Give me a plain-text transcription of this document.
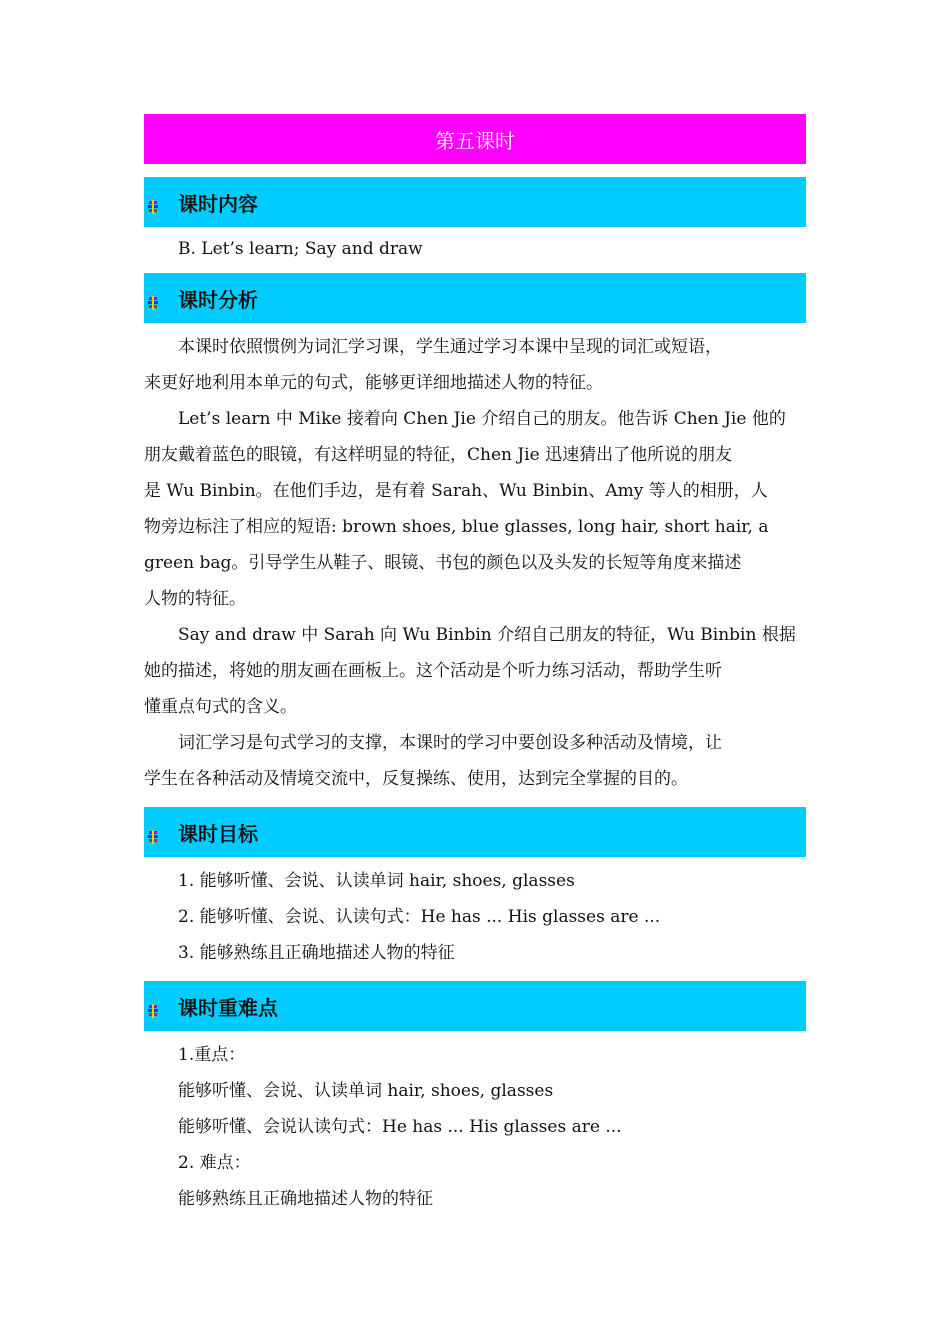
第五课时
课时内容

B. Let’s learn; Say and draw

课时分析

本课时依照惯例为词汇学习课，学生通过学习本课中呈现的词汇或短语，

来更好地利用本单元的句式，能够更详细地描述人物的特征。

Let’s learn 中 Mike 接着向 Chen Jie 介绍自己的朋友。他告诉 Chen Jie 他的

朋友戴着蓝色的眼镜，有这样明显的特征，Chen Jie 迅速猜出了他所说的朋友

是 Wu Binbin。在他们手边，是有着 Sarah、Wu Binbin、Amy 等人的相册，人

物旁边标注了相应的短语: brown shoes, blue glasses, long hair, short hair, a

green bag。引导学生从鞋子、眼镜、书包的颜色以及头发的长短等角度来描述

人物的特征。

Say and draw 中 Sarah 向 Wu Binbin 介绍自己朋友的特征，Wu Binbin 根据

她的描述，将她的朋友画在画板上。这个活动是个听力练习活动，帮助学生听

懂重点句式的含义。

词汇学习是句式学习的支撑，本课时的学习中要创设多种活动及情境，让

学生在各种活动及情境交流中，反复操练、使用，达到完全掌握的目的。

课时目标

1. 能够听懂、会说、认读单词 hair, shoes, glasses

2. 能够听懂、会说、认读句式：He has ... His glasses are ...

3. 能够熟练且正确地描述人物的特征

课时重难点

1.重点：

能够听懂、会说、认读单词 hair, shoes, glasses

能够听懂、会说认读句式：He has ... His glasses are ...

2. 难点：

能够熟练且正确地描述人物的特征
